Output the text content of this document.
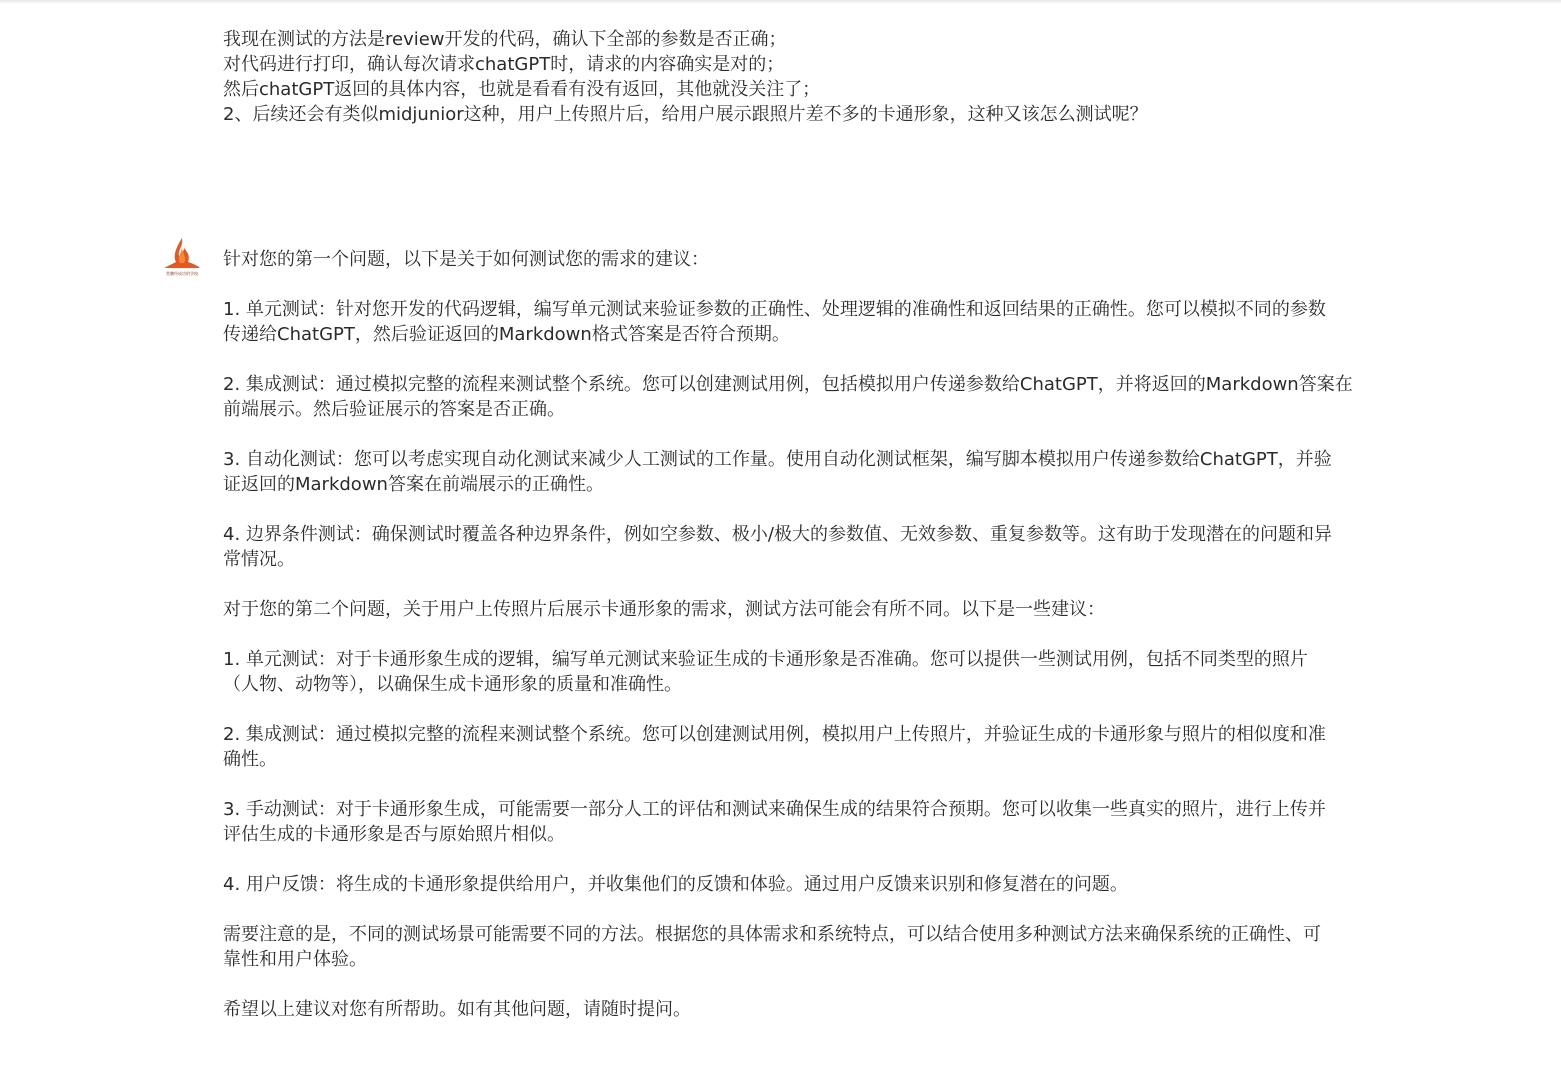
我现在测试的方法是review开发的代码，确认下全部的参数是否正确；
对代码进行打印，确认每次请求chatGPT时，请求的内容确实是对的；
然后chatGPT返回的具体内容，也就是看看有没有返回，其他就没关注了；
2、后续还会有类似midjunior这种，用户上传照片后，给用户展示跟照片差不多的卡通形象，这种又该怎么测试呢？
常鹏经成功的学校
针对您的第一个问题，以下是关于如何测试您的需求的建议：
1. 单元测试：针对您开发的代码逻辑，编写单元测试来验证参数的正确性、处理逻辑的准确性和返回结果的正确性。您可以模拟不同的参数
传递给ChatGPT，然后验证返回的Markdown格式答案是否符合预期。
2. 集成测试：通过模拟完整的流程来测试整个系统。您可以创建测试用例，包括模拟用户传递参数给ChatGPT，并将返回的Markdown答案在
前端展示。然后验证展示的答案是否正确。
3. 自动化测试：您可以考虑实现自动化测试来减少人工测试的工作量。使用自动化测试框架，编写脚本模拟用户传递参数给ChatGPT，并验
证返回的Markdown答案在前端展示的正确性。
4. 边界条件测试：确保测试时覆盖各种边界条件，例如空参数、极小/极大的参数值、无效参数、重复参数等。这有助于发现潜在的问题和异
常情况。
对于您的第二个问题，关于用户上传照片后展示卡通形象的需求，测试方法可能会有所不同。以下是一些建议：
1. 单元测试：对于卡通形象生成的逻辑，编写单元测试来验证生成的卡通形象是否准确。您可以提供一些测试用例，包括不同类型的照片
（人物、动物等），以确保生成卡通形象的质量和准确性。
2. 集成测试：通过模拟完整的流程来测试整个系统。您可以创建测试用例，模拟用户上传照片，并验证生成的卡通形象与照片的相似度和准
确性。
3. 手动测试：对于卡通形象生成，可能需要一部分人工的评估和测试来确保生成的结果符合预期。您可以收集一些真实的照片，进行上传并
评估生成的卡通形象是否与原始照片相似。
4. 用户反馈：将生成的卡通形象提供给用户，并收集他们的反馈和体验。通过用户反馈来识别和修复潜在的问题。
需要注意的是，不同的测试场景可能需要不同的方法。根据您的具体需求和系统特点，可以结合使用多种测试方法来确保系统的正确性、可
靠性和用户体验。
希望以上建议对您有所帮助。如有其他问题，请随时提问。
